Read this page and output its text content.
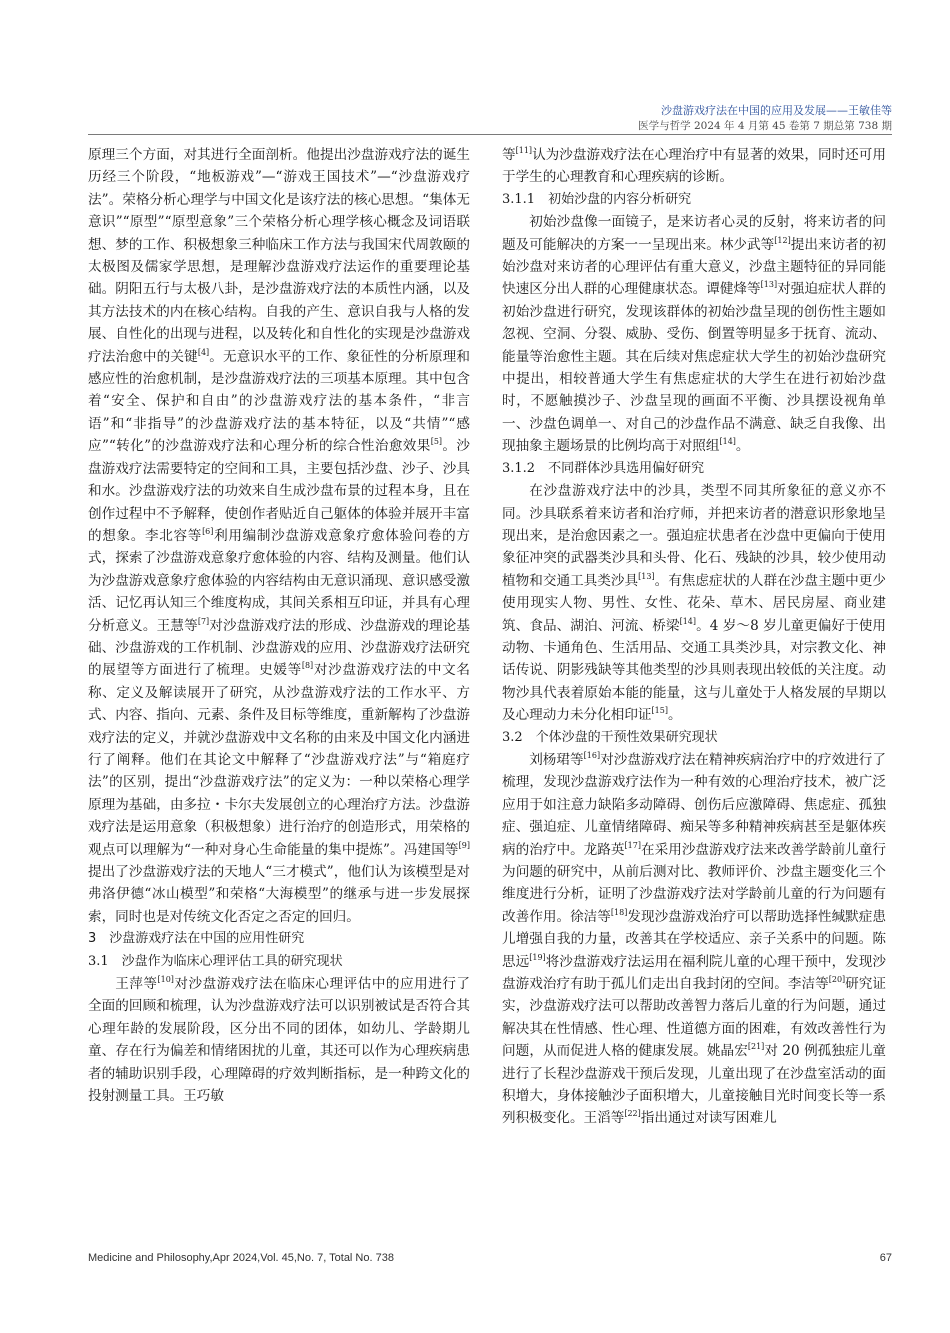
沙盘游戏疗法在中国的应用及发展——王敏佳等
医学与哲学 2024 年 4 月第 45 卷第 7 期总第 738 期

原理三个方面，对其进行全面剖析。他提出沙盘游戏疗法的诞生历经三个阶段，“地板游戏”—“游戏王国技术”—“沙盘游戏疗法”。荣格分析心理学与中国文化是该疗法的核心思想。“集体无意识”“原型”“原型意象”三个荣格分析心理学核心概念及词语联想、梦的工作、积极想象三种临床工作方法与我国宋代周敦颐的太极图及儒家学思想，是理解沙盘游戏疗法运作的重要理论基础。阴阳五行与太极八卦，是沙盘游戏疗法的本质性内涵，以及其方法技术的内在核心结构。自我的产生、意识自我与人格的发展、自性化的出现与进程，以及转化和自性化的实现是沙盘游戏疗法治愈中的关键[4]。无意识水平的工作、象征性的分析原理和感应性的治愈机制，是沙盘游戏疗法的三项基本原理。其中包含着“安全、保护和自由”的沙盘游戏疗法的基本条件，“非言语”和“非指导”的沙盘游戏疗法的基本特征，以及“共情”“感应”“转化”的沙盘游戏疗法和心理分析的综合性治愈效果[5]。沙盘游戏疗法需要特定的空间和工具，主要包括沙盘、沙子、沙具和水。沙盘游戏疗法的功效来自生成沙盘布景的过程本身，且在创作过程中不予解释，使创作者贴近自己躯体的体验并展开丰富的想象。李北容等[6]利用编制沙盘游戏意象疗愈体验问卷的方式，探索了沙盘游戏意象疗愈体验的内容、结构及测量。他们认为沙盘游戏意象疗愈体验的内容结构由无意识涌现、意识感受激活、记忆再认知三个维度构成，其间关系相互印证，并具有心理分析意义。王慧等[7]对沙盘游戏疗法的形成、沙盘游戏的理论基础、沙盘游戏的工作机制、沙盘游戏的应用、沙盘游戏疗法研究的展望等方面进行了梳理。史媛等[8]对沙盘游戏疗法的中文名称、定义及解读展开了研究，从沙盘游戏疗法的工作水平、方式、内容、指向、元素、条件及目标等维度，重新解构了沙盘游戏疗法的定义，并就沙盘游戏中文名称的由来及中国文化内涵进行了阐释。他们在其论文中解释了“沙盘游戏疗法”与“箱庭疗法”的区别，提出“沙盘游戏疗法”的定义为：一种以荣格心理学原理为基础，由多拉・卡尔夫发展创立的心理治疗方法。沙盘游戏疗法是运用意象（积极想象）进行治疗的创造形式，用荣格的观点可以理解为“一种对身心生命能量的集中提炼”。冯建国等[9]提出了沙盘游戏疗法的天地人“三才模式”，他们认为该模型是对弗洛伊德“冰山模型”和荣格“大海模型”的继承与进一步发展探索，同时也是对传统文化否定之否定的回归。

3　沙盘游戏疗法在中国的应用性研究
3.1　沙盘作为临床心理评估工具的研究现状

王萍等[10]对沙盘游戏疗法在临床心理评估中的应用进行了全面的回顾和梳理，认为沙盘游戏疗法可以识别被试是否符合其心理年龄的发展阶段，区分出不同的团体，如幼儿、学龄期儿童、存在行为偏差和情绪困扰的儿童，其还可以作为心理疾病患者的辅助识别手段，心理障碍的疗效判断指标，是一种跨文化的投射测量工具。王巧敏

等[11]认为沙盘游戏疗法在心理治疗中有显著的效果，同时还可用于学生的心理教育和心理疾病的诊断。

3.1.1　初始沙盘的内容分析研究

初始沙盘像一面镜子，是来访者心灵的反射，将来访者的问题及可能解决的方案一一呈现出来。林少武等[12]提出来访者的初始沙盘对来访者的心理评估有重大意义，沙盘主题特征的异同能快速区分出人群的心理健康状态。谭健烽等[13]对强迫症状人群的初始沙盘进行研究，发现该群体的初始沙盘呈现的创伤性主题如忽视、空洞、分裂、威胁、受伤、倒置等明显多于抚育、流动、能量等治愈性主题。其在后续对焦虑症状大学生的初始沙盘研究中提出，相较普通大学生有焦虑症状的大学生在进行初始沙盘时，不愿触摸沙子、沙盘呈现的画面不平衡、沙具摆设视角单一、沙盘色调单一、对自己的沙盘作品不满意、缺乏自我像、出现抽象主题场景的比例均高于对照组[14]。

3.1.2　不同群体沙具选用偏好研究

在沙盘游戏疗法中的沙具，类型不同其所象征的意义亦不同。沙具联系着来访者和治疗师，并把来访者的潜意识形象地呈现出来，是治愈因素之一。强迫症状患者在沙盘中更偏向于使用象征冲突的武器类沙具和头骨、化石、残缺的沙具，较少使用动植物和交通工具类沙具[13]。有焦虑症状的人群在沙盘主题中更少使用现实人物、男性、女性、花朵、草木、居民房屋、商业建筑、食品、湖泊、河流、桥梁[14]。4 岁～8 岁儿童更偏好于使用动物、卡通角色、生活用品、交通工具类沙具，对宗教文化、神话传说、阴影残缺等其他类型的沙具则表现出较低的关注度。动物沙具代表着原始本能的能量，这与儿童处于人格发展的早期以及心理动力未分化相印证[15]。

3.2　个体沙盘的干预性效果研究现状

刘杨珺等[16]对沙盘游戏疗法在精神疾病治疗中的疗效进行了梳理，发现沙盘游戏疗法作为一种有效的心理治疗技术，被广泛应用于如注意力缺陷多动障碍、创伤后应激障碍、焦虑症、孤独症、强迫症、儿童情绪障碍、痴呆等多种精神疾病甚至是躯体疾病的治疗中。龙路英[17]在采用沙盘游戏疗法来改善学龄前儿童行为问题的研究中，从前后测对比、教师评价、沙盘主题变化三个维度进行分析，证明了沙盘游戏疗法对学龄前儿童的行为问题有改善作用。徐洁等[18]发现沙盘游戏治疗可以帮助选择性缄默症患儿增强自我的力量，改善其在学校适应、亲子关系中的问题。陈思远[19]将沙盘游戏疗法运用在福利院儿童的心理干预中，发现沙盘游戏治疗有助于孤儿们走出自我封闭的空间。李洁等[20]研究证实，沙盘游戏疗法可以帮助改善智力落后儿童的行为问题，通过解决其在性情感、性心理、性道德方面的困难，有效改善性行为问题，从而促进人格的健康发展。姚晶宏[21]对 20 例孤独症儿童进行了长程沙盘游戏干预后发现，儿童出现了在沙盘室活动的面积增大，身体接触沙子面积增大，儿童接触目光时间变长等一系列积极变化。王滔等[22]指出通过对读写困难儿

Medicine and Philosophy,Apr 2024,Vol. 45,No. 7, Total No. 738	67
